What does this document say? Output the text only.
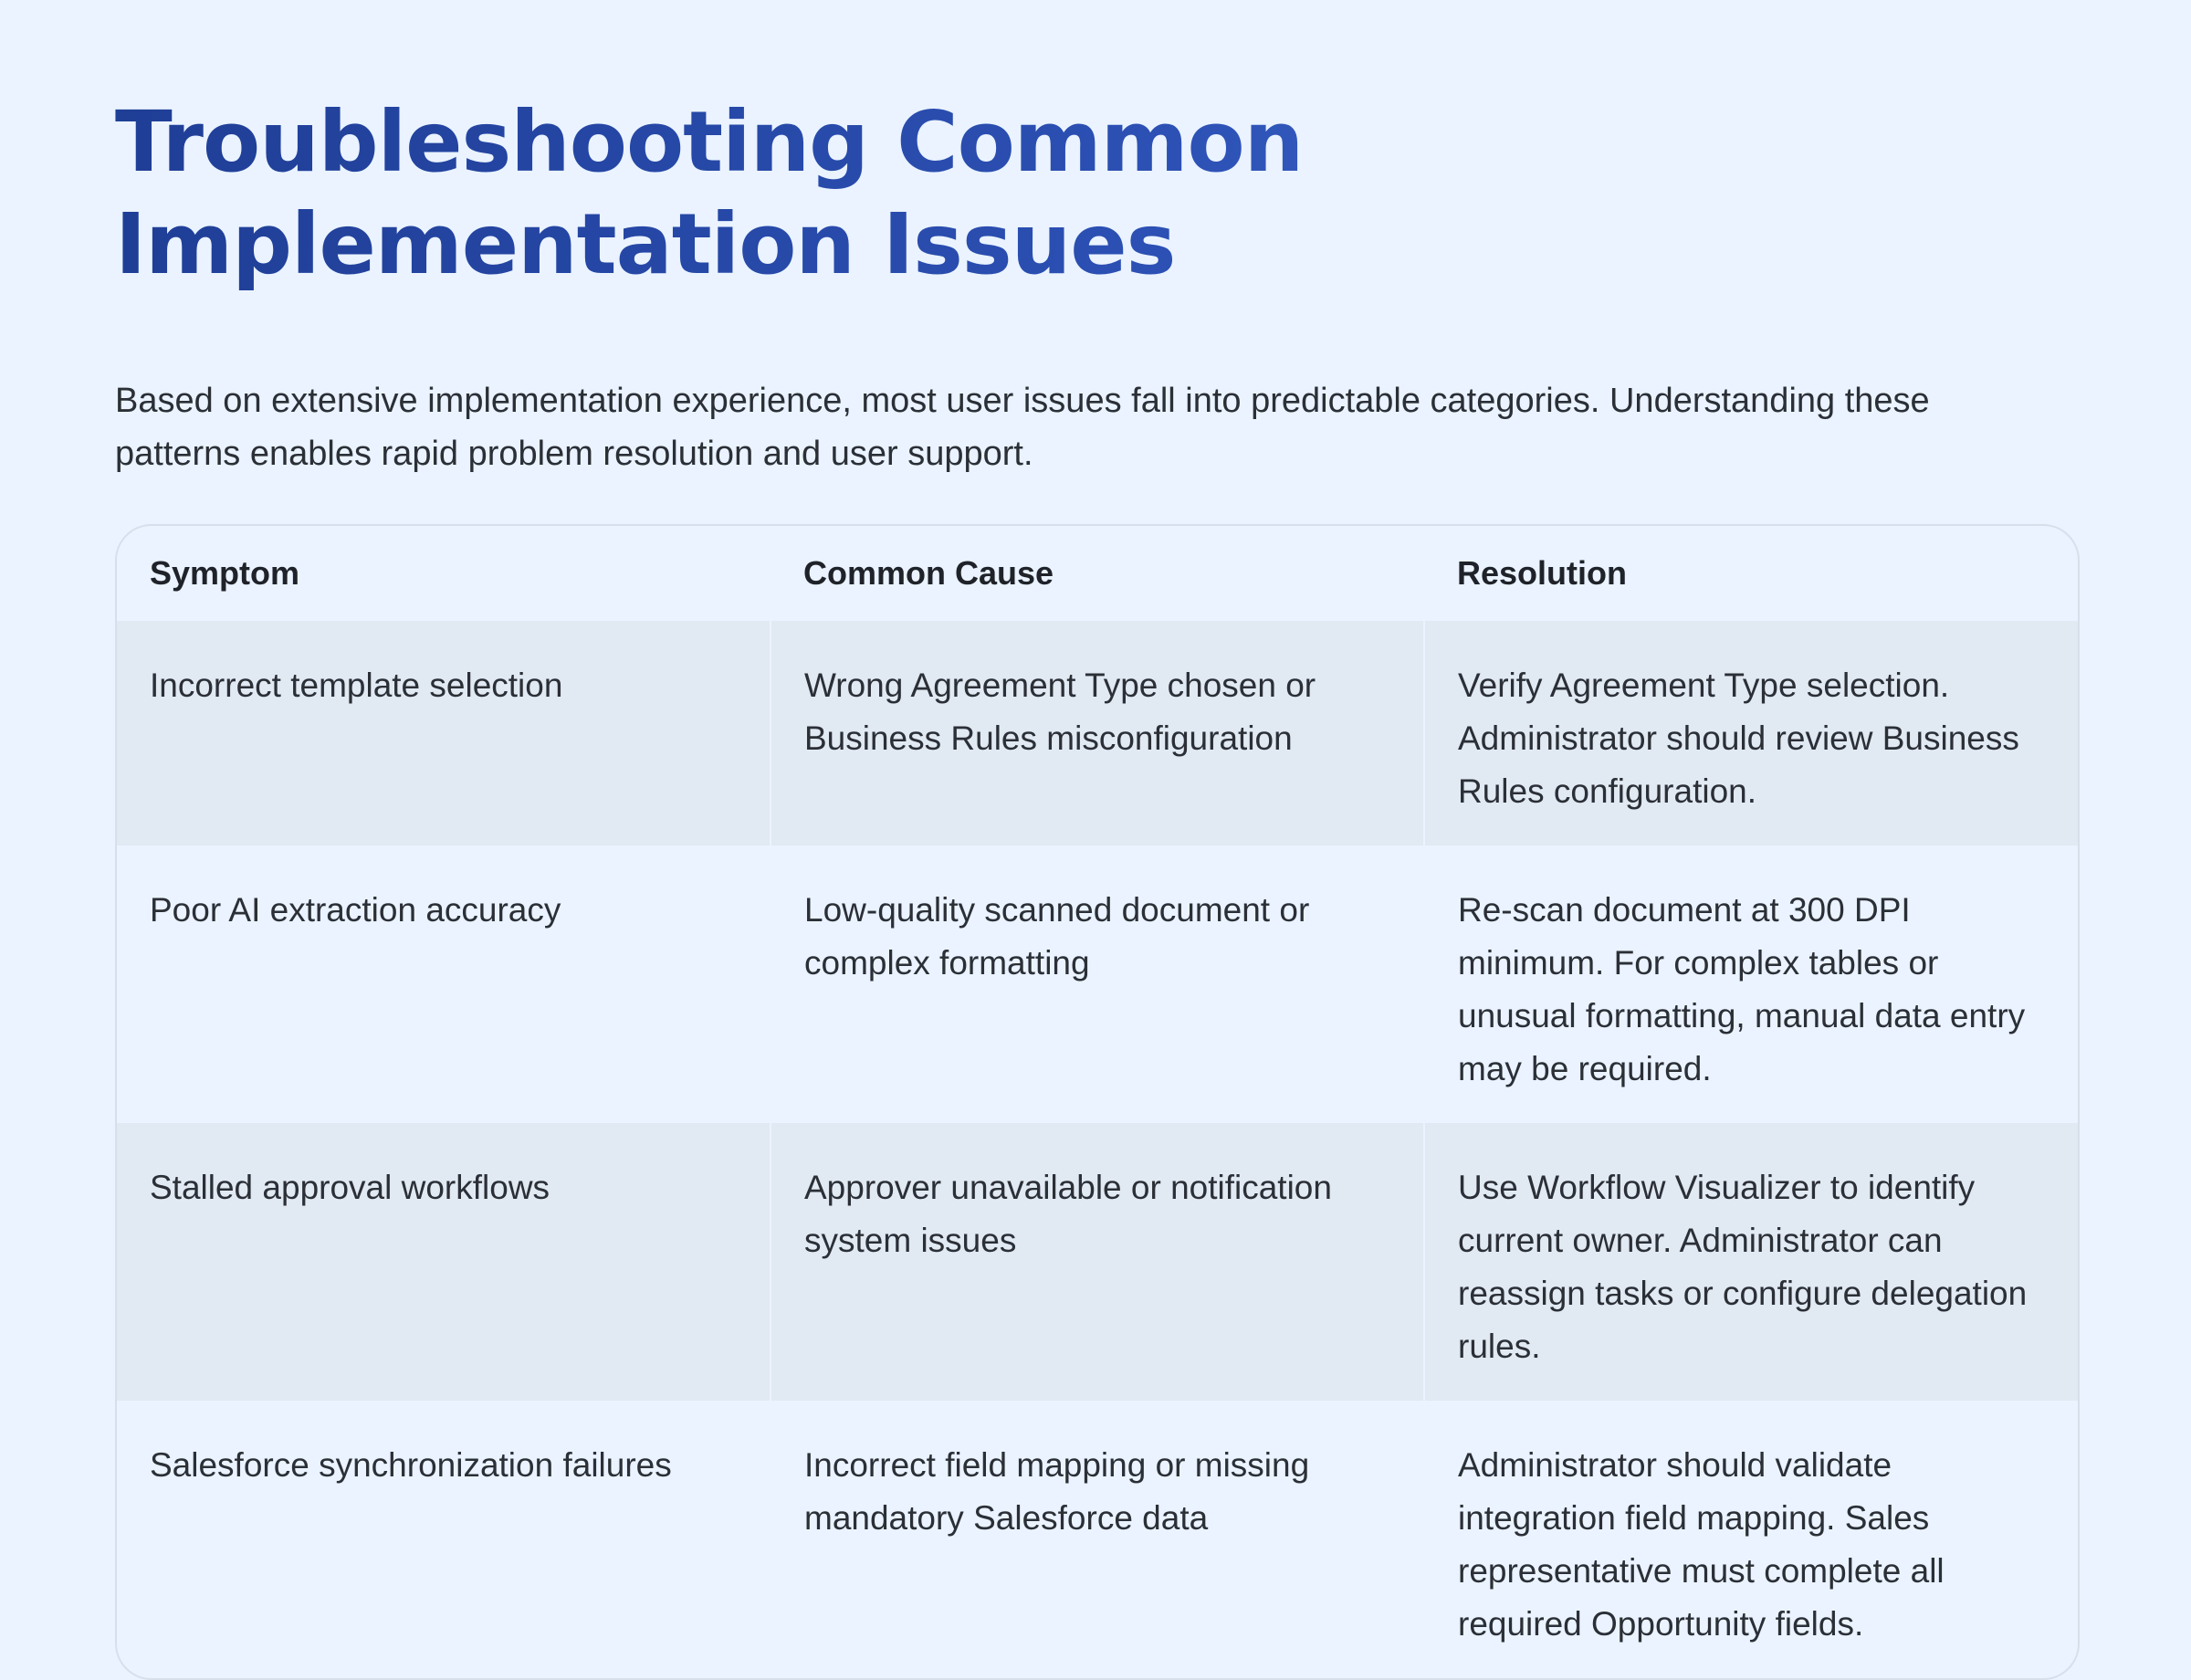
Troubleshooting Common Implementation Issues

Based on extensive implementation experience, most user issues fall into predictable categories. Understanding these patterns enables rapid problem resolution and user support.

Symptom	Common Cause	Resolution
Incorrect template selection	Wrong Agreement Type chosen or Business Rules misconfiguration	Verify Agreement Type selection. Administrator should review Business Rules configuration.
Poor AI extraction accuracy	Low-quality scanned document or complex formatting	Re-scan document at 300 DPI minimum. For complex tables or unusual formatting, manual data entry may be required.
Stalled approval workflows	Approver unavailable or notification system issues	Use Workflow Visualizer to identify current owner. Administrator can reassign tasks or configure delegation rules.
Salesforce synchronization failures	Incorrect field mapping or missing mandatory Salesforce data	Administrator should validate integration field mapping. Sales representative must complete all required Opportunity fields.
